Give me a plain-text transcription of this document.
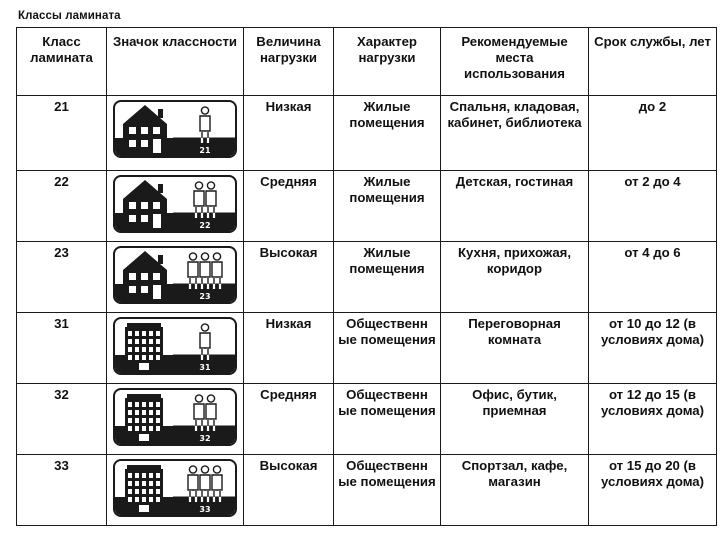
Классы ламината
Класс ламината	Значок классности	Величина нагрузки	Характер нагрузки	Рекомендуемые места использования	Срок службы, лет
21	21	Низкая	Жилые помещения	Спальня, кладовая, кабинет, библиотека	до 2
22	22	Средняя	Жилые помещения	Детская, гостиная	от 2 до 4
23	23	Высокая	Жилые помещения	Кухня, прихожая, коридор	от 4 до 6
31	31	Низкая	Общественн ые помещения	Переговорная комната	от 10 до 12 (в условиях дома)
32	32	Средняя	Общественн ые помещения	Офис, бутик, приемная	от 12 до 15 (в условиях дома)
33	33	Высокая	Общественн ые помещения	Спортзал, кафе, магазин	от 15 до 20 (в условиях дома)
